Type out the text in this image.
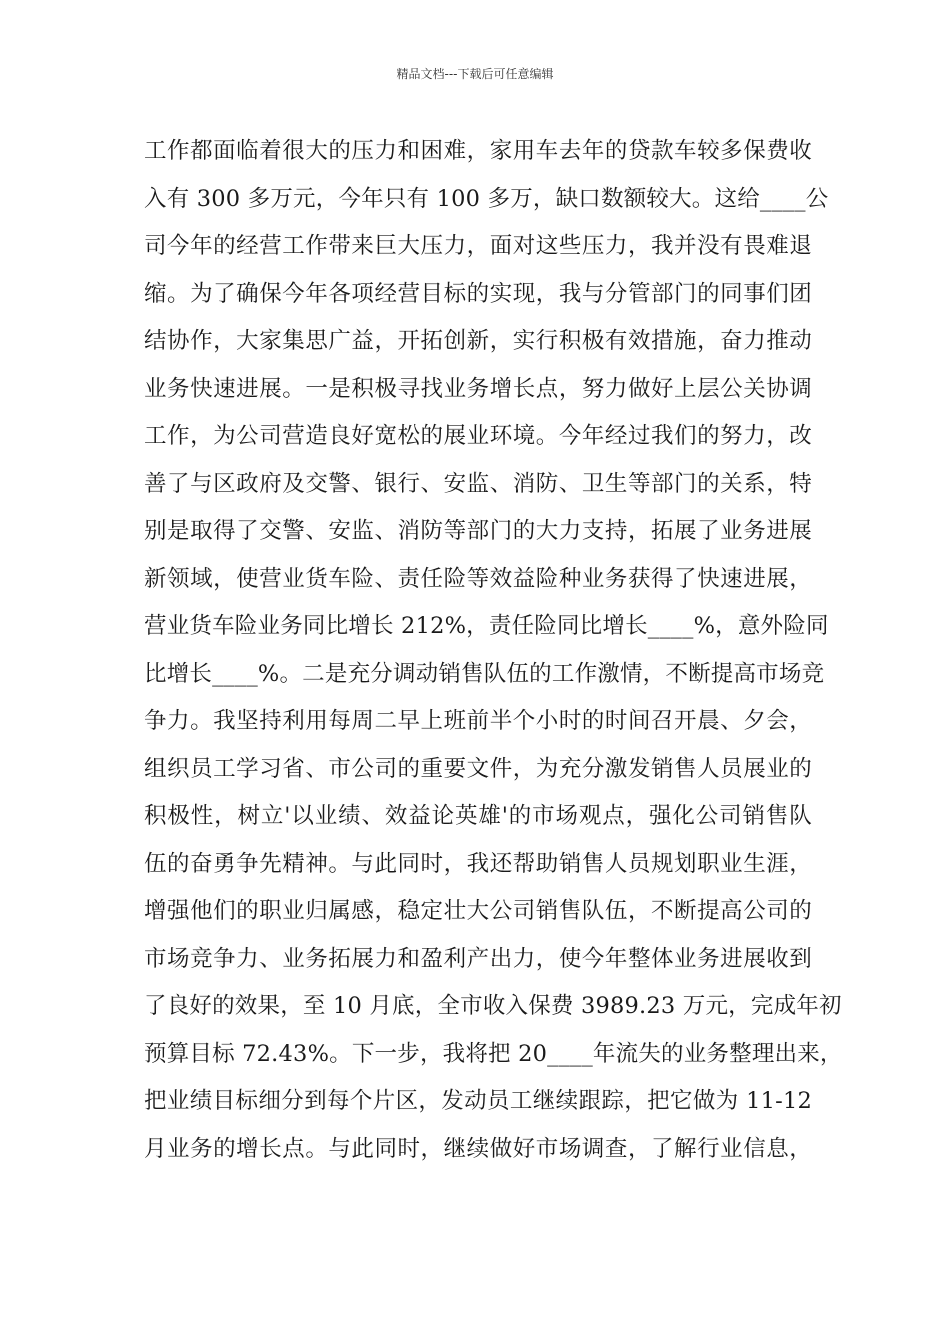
精品文档---下载后可任意编辑
工作都面临着很大的压力和困难，家用车去年的贷款车较多保费收
入有 300 多万元，今年只有 100 多万，缺口数额较大。这给____公
司今年的经营工作带来巨大压力，面对这些压力，我并没有畏难退
缩。为了确保今年各项经营目标的实现，我与分管部门的同事们团
结协作，大家集思广益，开拓创新，实行积极有效措施，奋力推动
业务快速进展。一是积极寻找业务增长点，努力做好上层公关协调
工作，为公司营造良好宽松的展业环境。今年经过我们的努力，改
善了与区政府及交警、银行、安监、消防、卫生等部门的关系，特
别是取得了交警、安监、消防等部门的大力支持，拓展了业务进展
新领域，使营业货车险、责任险等效益险种业务获得了快速进展，
营业货车险业务同比增长 212%，责任险同比增长____%，意外险同
比增长____%。二是充分调动销售队伍的工作激情，不断提高市场竞
争力。我坚持利用每周二早上班前半个小时的时间召开晨、夕会，
组织员工学习省、市公司的重要文件，为充分激发销售人员展业的
积极性，树立'以业绩、效益论英雄'的市场观点，强化公司销售队
伍的奋勇争先精神。与此同时，我还帮助销售人员规划职业生涯，
增强他们的职业归属感，稳定壮大公司销售队伍，不断提高公司的
市场竞争力、业务拓展力和盈利产出力，使今年整体业务进展收到
了良好的效果，至 10 月底，全市收入保费 3989.23 万元，完成年初
预算目标 72.43%。下一步，我将把 20____年流失的业务整理出来，
把业绩目标细分到每个片区，发动员工继续跟踪，把它做为 11-12
月业务的增长点。与此同时，继续做好市场调查，了解行业信息，
